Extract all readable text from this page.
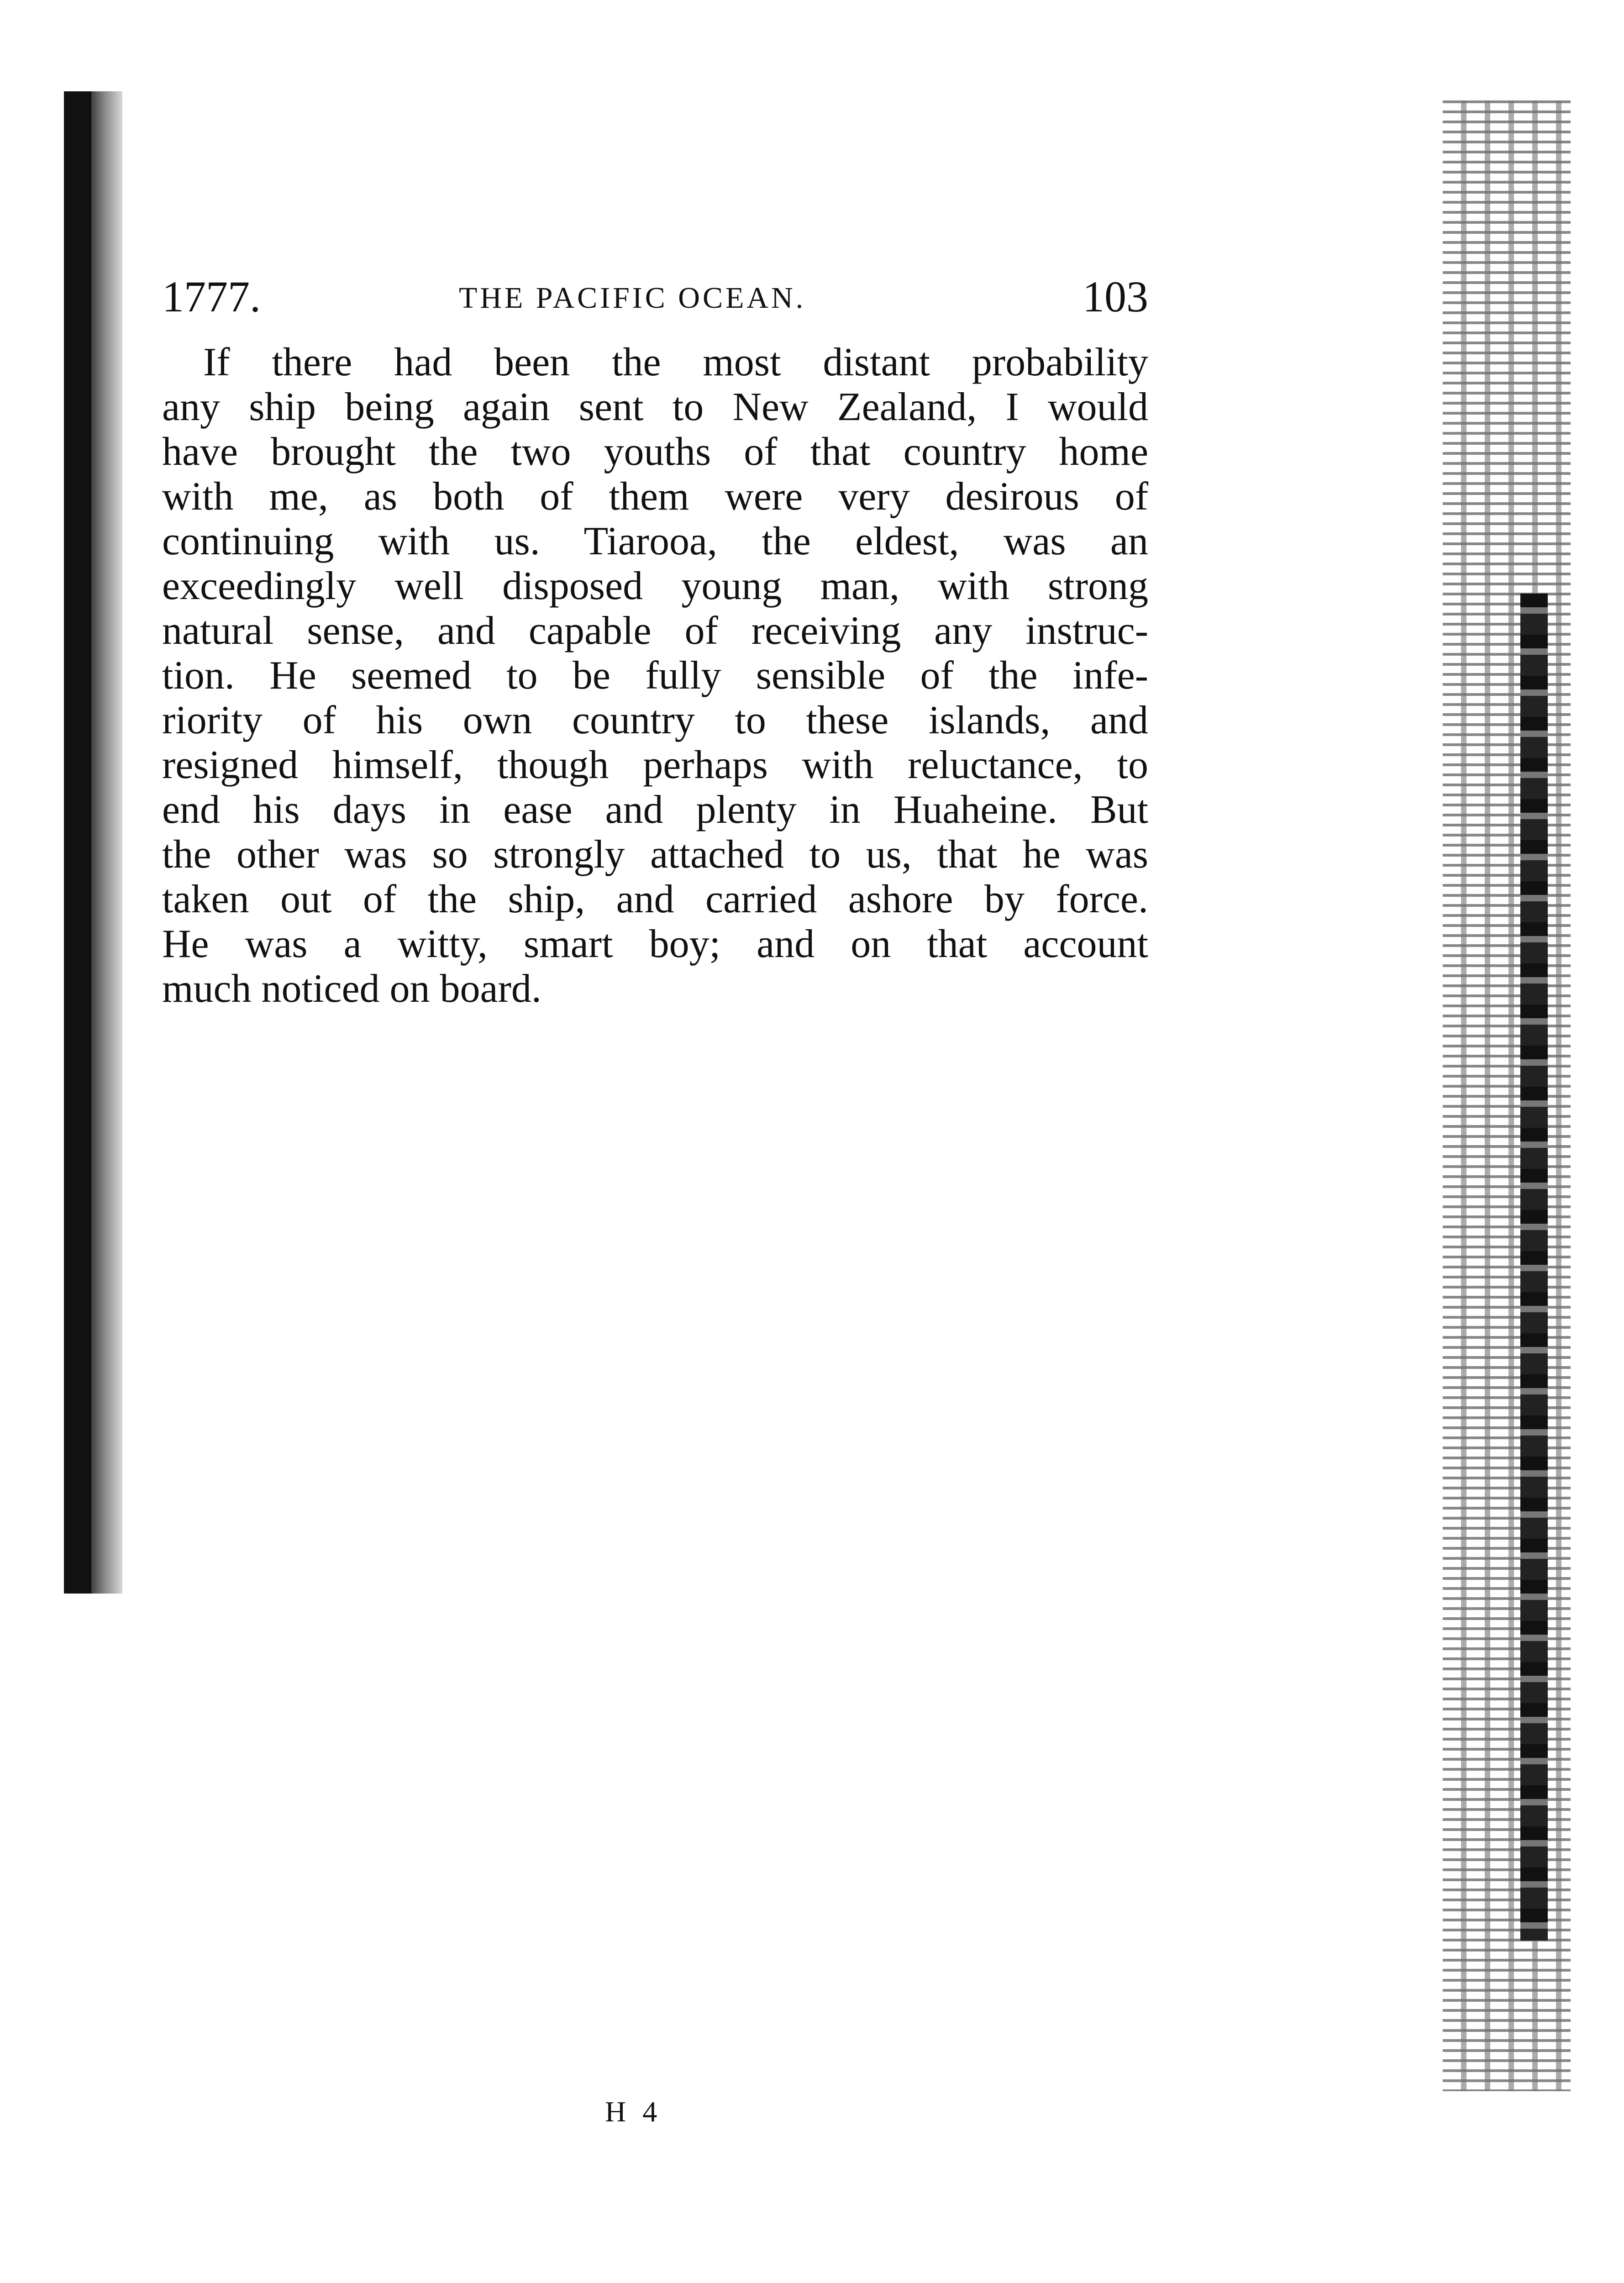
1777.	THE PACIFIC OCEAN.	103
If there had been the most distant probability
any ship being again sent to New Zealand, I would
have brought the two youths of that country home
with me, as both of them were very desirous of
continuing with us. Tiarooa, the eldest, was an
exceedingly well disposed young man, with strong
natural sense, and capable of receiving any instruc-
tion. He seemed to be fully sensible of the infe-
riority of his own country to these islands, and
resigned himself, though perhaps with reluctance, to
end his days in ease and plenty in Huaheine. But
the other was so strongly attached to us, that he was
taken out of the ship, and carried ashore by force.
He was a witty, smart boy; and on that account
much noticed on board.
H 4
